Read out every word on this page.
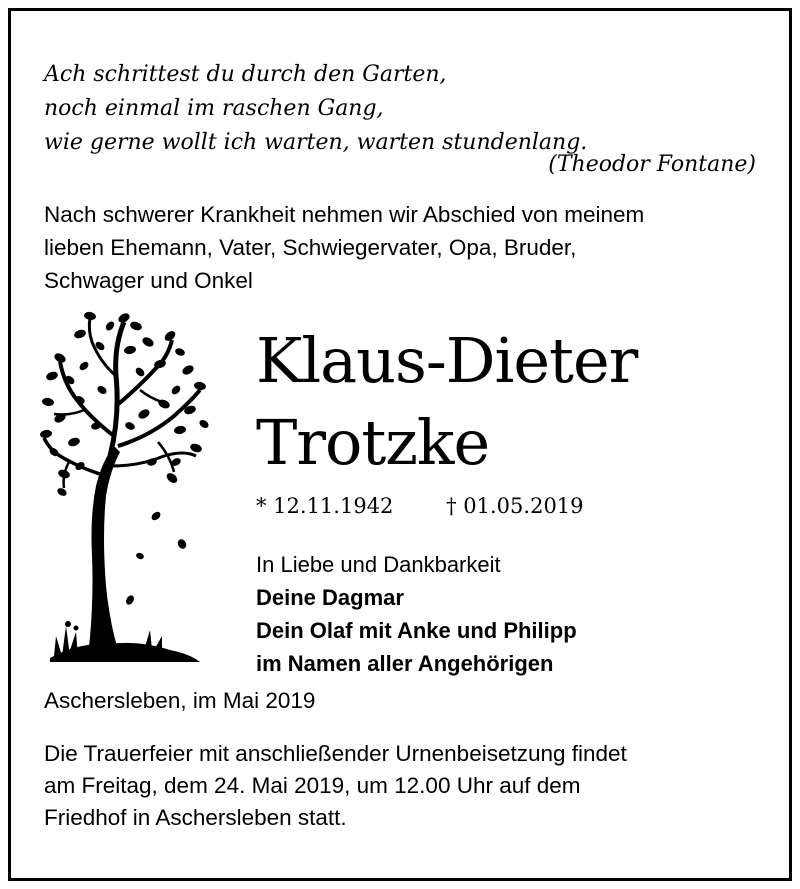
Ach schrittest du durch den Garten,
noch einmal im raschen Gang,
wie gerne wollt ich warten, warten stundenlang.
(Theodor Fontane)
Nach schwerer Krankheit nehmen wir Abschied von meinem
lieben Ehemann, Vater, Schwiegervater, Opa, Bruder,
Schwager und Onkel
Klaus-Dieter
Trotzke
* 12.11.1942	† 01.05.2019
In Liebe und Dankbarkeit
Deine Dagmar
Dein Olaf mit Anke und Philipp
im Namen aller Angehörigen
Aschersleben, im Mai 2019
Die Trauerfeier mit anschließender Urnenbeisetzung findet
am Freitag, dem 24. Mai 2019, um 12.00 Uhr auf dem
Friedhof in Aschersleben statt.
